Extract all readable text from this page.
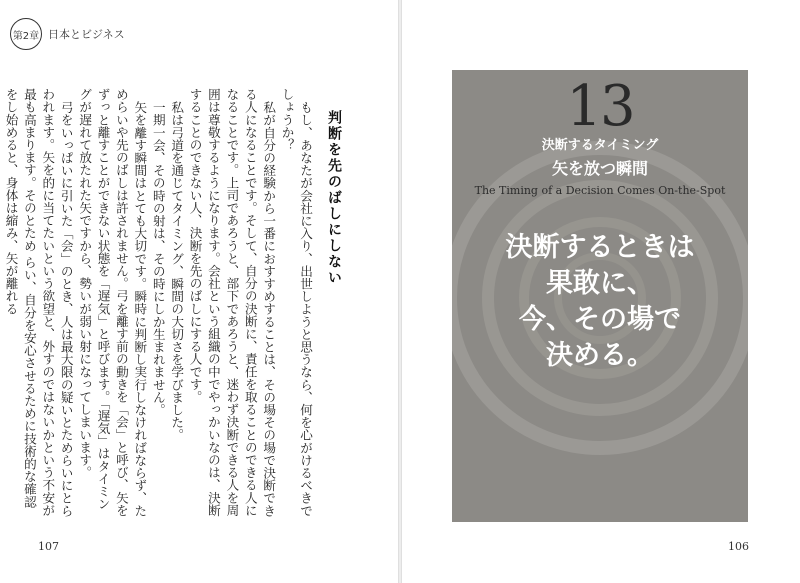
第2章 日本とビジネス
判断を先のばしにしない

もし、あなたが会社に入り、出世しようと思うなら、何を心がけるべきでしょうか？

私が自分の経験から一番におすすめすることは、その場その場で決断できる人になることです。そして、自分の決断に、責任を取ることのできる人になることです。上司であろうと、部下であろうと、迷わず決断できる人を周囲は尊敬するようになります。会社という組織の中でやっかいなのは、決断することのできない人、決断を先のばしにする人です。

私は弓道を通じてタイミング、瞬間の大切さを学びました。

一期一会、その時の射は、その時にしか生まれません。

矢を離す瞬間はとても大切です。瞬時に判断し実行しなければならず、ためらいや先のばしは許されません。弓を離す前の動きを「会」と呼び、矢をずっと離すことができない状態を「遅気」と呼びます。「遅気」はタイミングが遅れて放たれた矢ですから、勢いが弱い射になってしまいます。

弓をいっぱいに引いた「会」のとき、人は最大限の疑いとためらいにとらわれます。矢を的に当てたいという欲望と、外すのではないかという不安が最も高まります。そのとため らい、自分を安心させるために技術的な確認をし始めると、身体は縮み、矢が離れる

107
13
決断するタイミング
矢を放つ瞬間
The Timing of a Decision Comes On-the-Spot
決断するときは
果敢に、
今、その場で
決める。
106
